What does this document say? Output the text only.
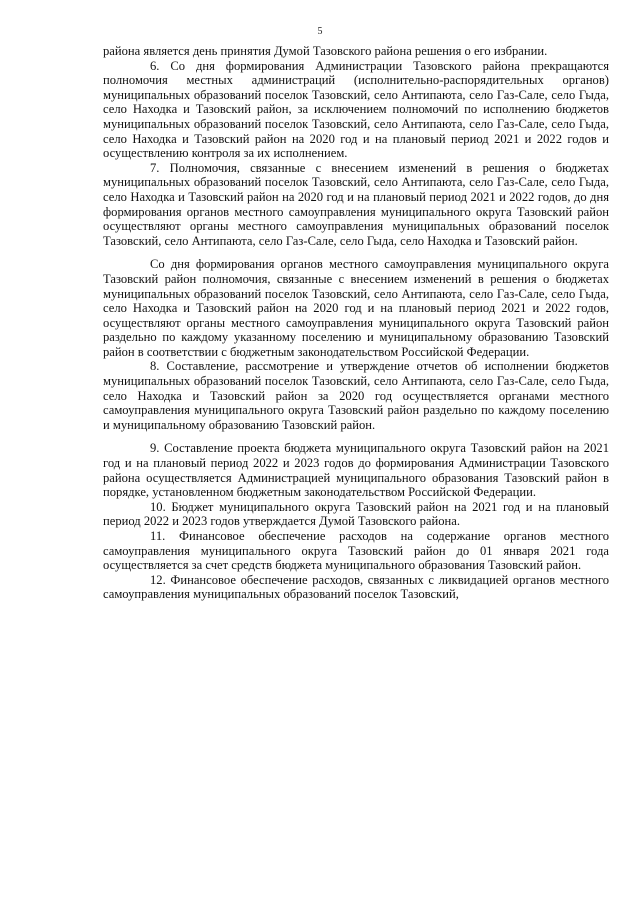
5

района является день принятия Думой Тазовского района решения о его избрании.

6. Со дня формирования Администрации Тазовского района прекращаются полномочия местных администраций (исполнительно-распорядительных органов) муниципальных образований поселок Тазовский, село Антипаюта, село Газ-Сале, село Гыда, село Находка и Тазовский район, за исключением полномочий по исполнению бюджетов муниципальных образований поселок Тазовский, село Антипаюта, село Газ-Сале, село Гыда, село Находка и Тазовский район на 2020 год и на плановый период 2021 и 2022 годов и осуществлению контроля за их исполнением.

7. Полномочия, связанные с внесением изменений в решения о бюджетах муниципальных образований поселок Тазовский, село Антипаюта, село Газ-Сале, село Гыда, село Находка и Тазовский район на 2020 год и на плановый период 2021 и 2022 годов, до дня формирования органов местного самоуправления муниципального округа Тазовский район осуществляют органы местного самоуправления муниципальных образований поселок Тазовский, село Антипаюта, село Газ-Сале, село Гыда, село Находка и Тазовский район.

Со дня формирования органов местного самоуправления муниципального округа Тазовский район полномочия, связанные с внесением изменений в решения о бюджетах муниципальных образований поселок Тазовский, село Антипаюта, село Газ-Сале, село Гыда, село Находка и Тазовский район на 2020 год и на плановый период 2021 и 2022 годов, осуществляют органы местного самоуправления муниципального округа Тазовский район раздельно по каждому указанному поселению и муниципальному образованию Тазовский район в соответствии с бюджетным законодательством Российской Федерации.

8. Составление, рассмотрение и утверждение отчетов об исполнении бюджетов муниципальных образований поселок Тазовский, село Антипаюта, село Газ-Сале, село Гыда, село Находка и Тазовский район за 2020 год осуществляется органами местного самоуправления муниципального округа Тазовский район раздельно по каждому поселению и муниципальному образованию Тазовский район.

9. Составление проекта бюджета муниципального округа Тазовский район на 2021 год и на плановый период 2022 и 2023 годов до формирования Администрации Тазовского района осуществляется Администрацией муниципального образования Тазовский район в порядке, установленном бюджетным законодательством Российской Федерации.

10. Бюджет муниципального округа Тазовский район на 2021 год и на плановый период 2022 и 2023 годов утверждается Думой Тазовского района.

11. Финансовое обеспечение расходов на содержание органов местного самоуправления муниципального округа Тазовский район до 01 января 2021 года осуществляется за счет средств бюджета муниципального образования Тазовский район.

12. Финансовое обеспечение расходов, связанных с ликвидацией органов местного самоуправления муниципальных образований поселок Тазовский,
